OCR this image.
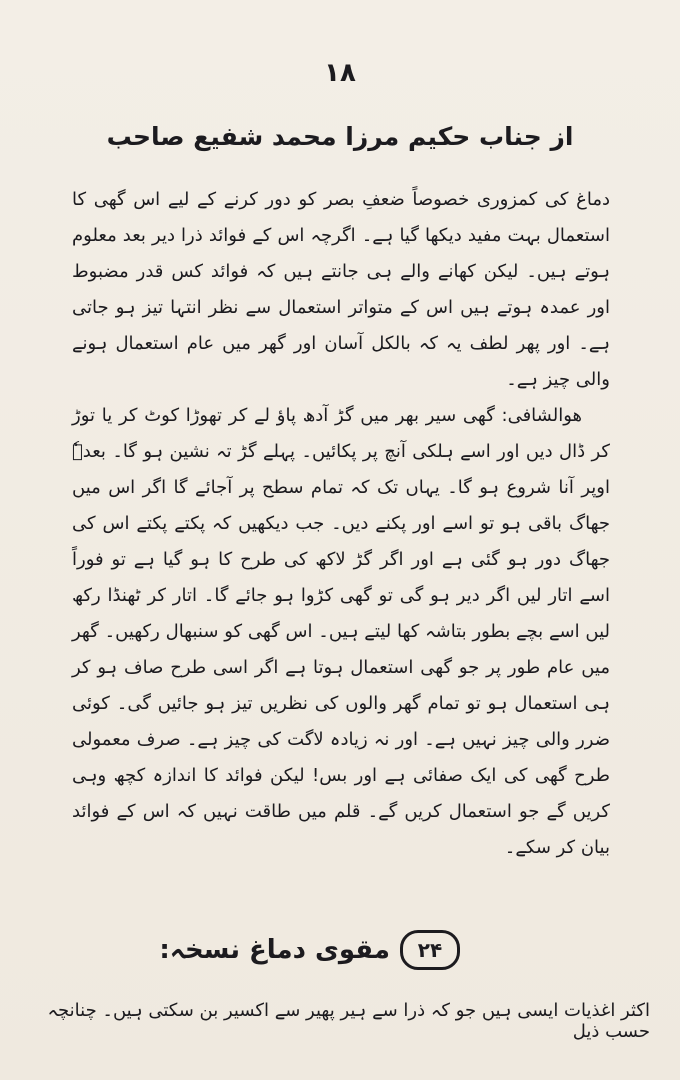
۱۸
از جناب حکیم مرزا محمد شفیع صاحب

دماغ کی کمزوری خصوصاً ضعفِ بصر کو دور کرنے کے لیے اس گھی کا استعمال بہت مفید دیکھا گیا ہے۔ اگرچہ اس کے فوائد ذرا دیر بعد معلوم ہوتے ہیں۔ لیکن کھانے والے ہی جانتے ہیں کہ فوائد کس قدر مضبوط اور عمدہ ہوتے ہیں اس کے متواتر استعمال سے نظر انتہا تیز ہو جاتی ہے۔ اور پھر لطف یہ کہ بالکل آسان اور گھر میں عام استعمال ہونے والی چیز ہے۔

ھوالشافی: گھی سیر بھر میں گڑ آدھ پاؤ لے کر تھوڑا کوٹ کر یا توڑ کر ڈال دیں اور اسے ہلکی آنچ پر پکائیں۔ پہلے گڑ تہ نشین ہو گا۔ بعدہٗ اوپر آنا شروع ہو گا۔ یہاں تک کہ تمام سطح پر آجائے گا اگر اس میں جھاگ باقی ہو تو اسے اور پکنے دیں۔ جب دیکھیں کہ پکتے پکتے اس کی جھاگ دور ہو گئی ہے اور اگر گڑ لاکھ کی طرح کا ہو گیا ہے تو فوراً اسے اتار لیں اگر دیر ہو گی تو گھی کڑوا ہو جائے گا۔ اتار کر ٹھنڈا رکھ لیں اسے بچے بطور بتاشہ کھا لیتے ہیں۔ اس گھی کو سنبھال رکھیں۔ گھر میں عام طور پر جو گھی استعمال ہوتا ہے اگر اسی طرح صاف ہو کر ہی استعمال ہو تو تمام گھر والوں کی نظریں تیز ہو جائیں گی۔ کوئی ضرر والی چیز نہیں ہے۔ اور نہ زیادہ لاگت کی چیز ہے۔ صرف معمولی طرح گھی کی ایک صفائی ہے اور بس! لیکن فوائد کا اندازہ کچھ وہی کریں گے جو استعمال کریں گے۔ قلم میں طاقت نہیں کہ اس کے فوائد بیان کر سکے۔

۲۴
مقوی دماغ نسخہ:
اکثر اغذیات ایسی ہیں جو کہ ذرا سے ہیر پھیر سے اکسیر بن سکتی ہیں۔ چنانچہ حسب ذیل
